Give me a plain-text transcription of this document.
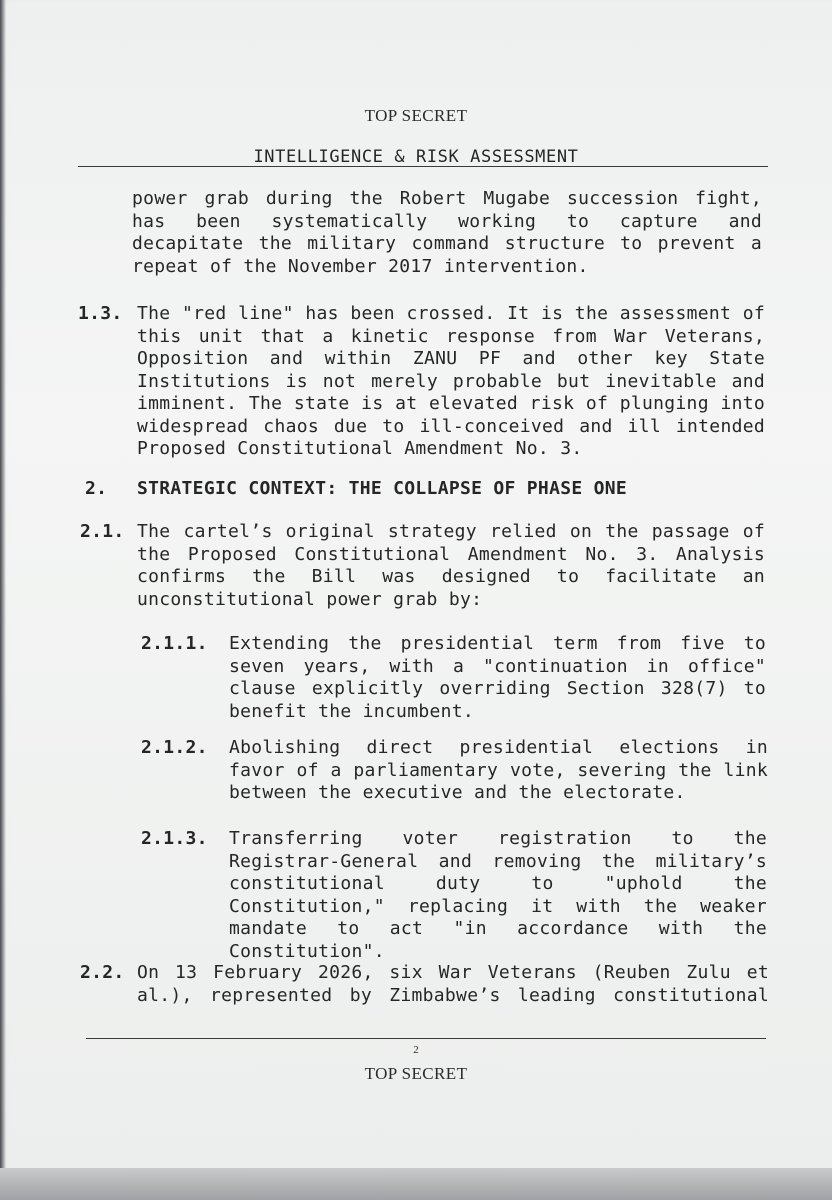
TOP SECRET
INTELLIGENCE & RISK ASSESSMENT

power grab during the Robert Mugabe succession fight, has been systematically working to capture and decapitate the military command structure to prevent a repeat of the November 2017 intervention.

1.3. The "red line" has been crossed. It is the assessment of this unit that a kinetic response from War Veterans, Opposition and within ZANU PF and other key State Institutions is not merely probable but inevitable and imminent. The state is at elevated risk of plunging into widespread chaos due to ill-conceived and ill intended Proposed Constitutional Amendment No. 3.

2. STRATEGIC CONTEXT: THE COLLAPSE OF PHASE ONE

2.1. The cartel’s original strategy relied on the passage of the Proposed Constitutional Amendment No. 3. Analysis confirms the Bill was designed to facilitate an unconstitutional power grab by:

2.1.1. Extending the presidential term from five to seven years, with a "continuation in office" clause explicitly overriding Section 328(7) to benefit the incumbent.

2.1.2. Abolishing direct presidential elections in favor of a parliamentary vote, severing the link between the executive and the electorate.

2.1.3. Transferring voter registration to the Registrar-General and removing the military’s constitutional duty to "uphold the Constitution," replacing it with the weaker mandate to act "in accordance with the Constitution".

2.2. On 13 February 2026, six War Veterans (Reuben Zulu et al.), represented by Zimbabwe’s leading constitutional

2
TOP SECRET
